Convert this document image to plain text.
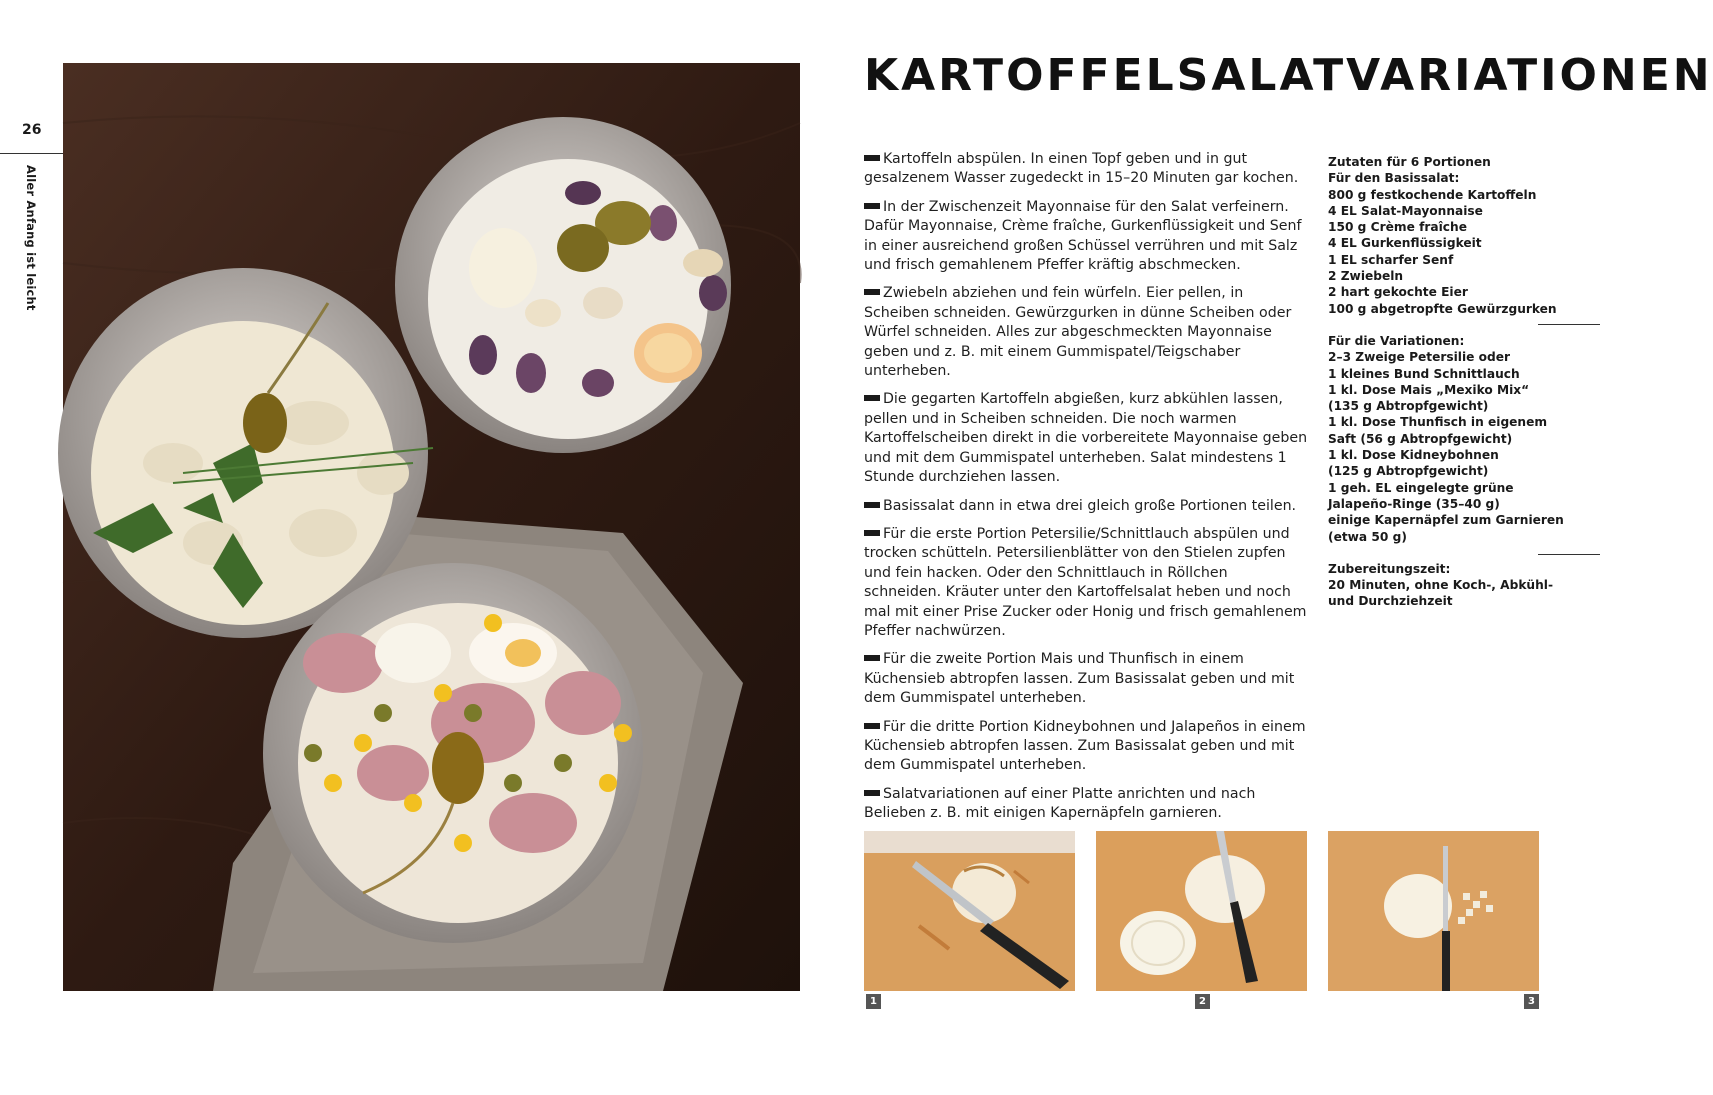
26
Aller Anfang ist leicht
KARTOFFELSALATVARIATIONEN

Kartoffeln abspülen. In einen Topf geben und in gut gesalzenem Wasser zugedeckt in 15–20 Minuten gar kochen.

In der Zwischenzeit Mayonnaise für den Salat verfeinern. Dafür Mayonnaise, Crème fraîche, Gurkenflüssigkeit und Senf in einer ausreichend großen Schüssel verrühren und mit Salz und frisch gemahlenem Pfeffer kräftig abschmecken.

Zwiebeln abziehen und fein würfeln. Eier pellen, in Scheiben schneiden. Gewürzgurken in dünne Scheiben oder Würfel schneiden. Alles zur abgeschmeckten Mayonnaise geben und z. B. mit einem Gummispatel/Teigschaber unterheben.

Die gegarten Kartoffeln abgießen, kurz abkühlen lassen, pellen und in Scheiben schneiden. Die noch warmen Kartoffelscheiben direkt in die vorbereitete Mayonnaise geben und mit dem Gummispatel unterheben. Salat mindestens 1 Stunde durchziehen lassen.

Basissalat dann in etwa drei gleich große Portionen teilen.

Für die erste Portion Petersilie/Schnittlauch abspülen und trocken schütteln. Petersilienblätter von den Stielen zupfen und fein hacken. Oder den Schnittlauch in Röllchen schneiden. Kräuter unter den Kartoffelsalat heben und noch mal mit einer Prise Zucker oder Honig und frisch gemahlenem Pfeffer nachwürzen.

Für die zweite Portion Mais und Thunfisch in einem Küchensieb abtropfen lassen. Zum Basissalat geben und mit dem Gummispatel unterheben.

Für die dritte Portion Kidneybohnen und Jalapeños in einem Küchensieb abtropfen lassen. Zum Basissalat geben und mit dem Gummispatel unterheben.

Salatvariationen auf einer Platte anrichten und nach Belieben z. B. mit einigen Kapernäpfeln garnieren.

Zutaten für 6 Portionen
Für den Basissalat:
800 g festkochende Kartoffeln
4 EL Salat-Mayonnaise
150 g Crème fraîche
4 EL Gurkenflüssigkeit
1 EL scharfer Senf
2 Zwiebeln
2 hart gekochte Eier
100 g abgetropfte Gewürzgurken
Für die Variationen:
2–3 Zweige Petersilie oder
1 kleines Bund Schnittlauch
1 kl. Dose Mais „Mexiko Mix“
(135 g Abtropfgewicht)
1 kl. Dose Thunfisch in eigenem
Saft (56 g Abtropfgewicht)
1 kl. Dose Kidneybohnen
(125 g Abtropfgewicht)
1 geh. EL eingelegte grüne
Jalapeño-Ringe (35–40 g)
einige Kapernäpfel zum Garnieren
(etwa 50 g)
Zubereitungszeit:
20 Minuten, ohne Koch-, Abkühl-
und Durchziehzeit
1	2	3
